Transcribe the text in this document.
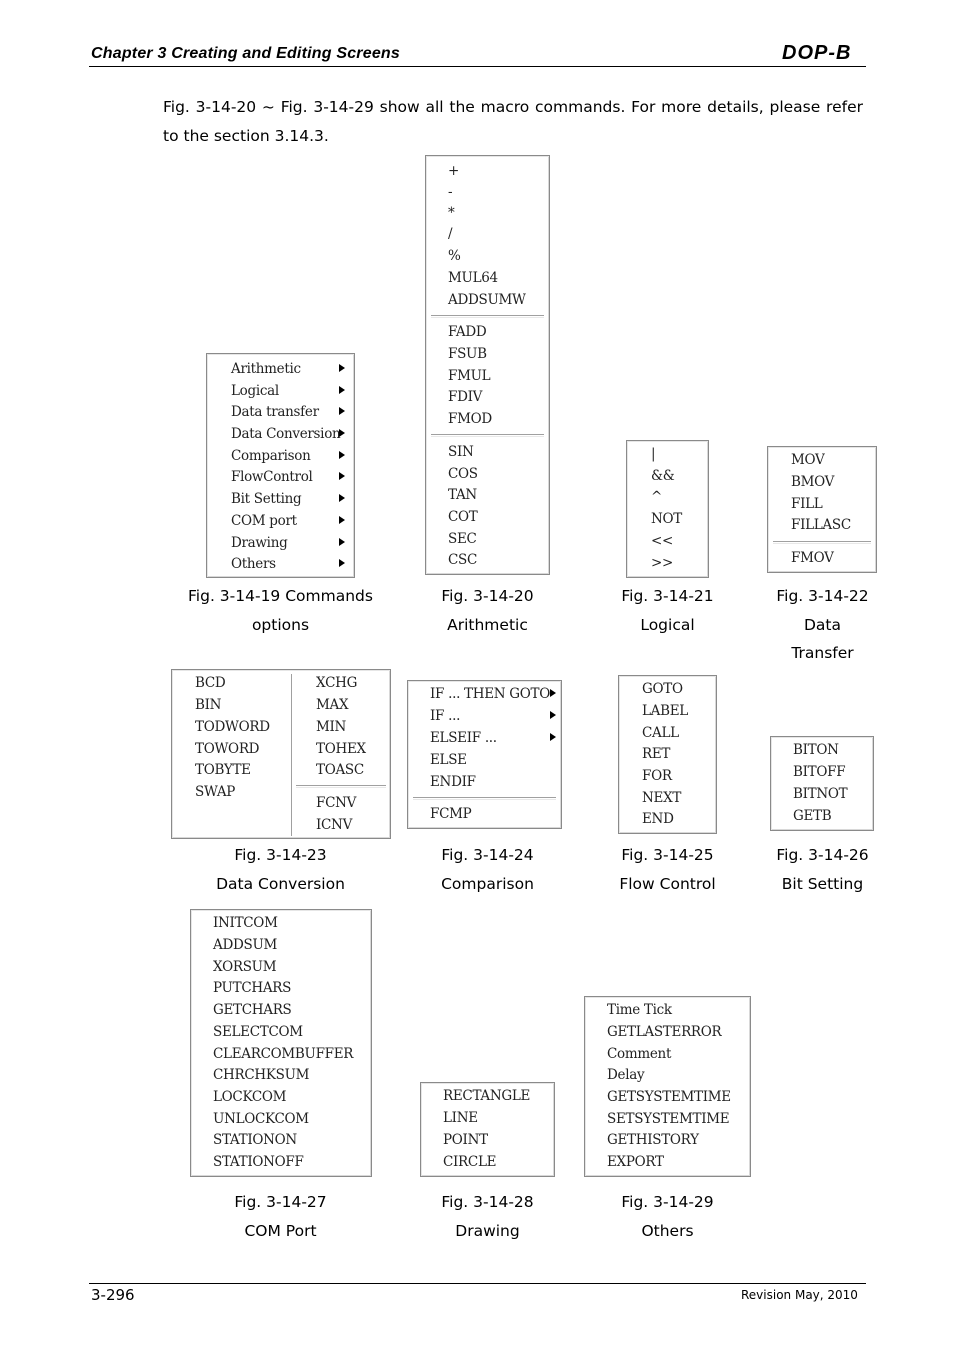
Chapter 3 Creating and Editing Screens	DOP-B
Fig. 3-14-20 ~ Fig. 3-14-29 show all the macro commands. For more details, please refer to the section 3.14.3.
Arithmetic
Logical
Data transfer
Data Conversion
Comparison
FlowControl
Bit Setting
COM port
Drawing
Others
Fig. 3-14-19 Commands
options
+
-
*
/
%
MUL64
ADDSUMW
FADD
FSUB
FMUL
FDIV
FMOD
SIN
COS
TAN
COT
SEC
CSC
Fig. 3-14-20
Arithmetic
|
&&
^
NOT
<<
>>
Fig. 3-14-21
Logical
MOV
BMOV
FILL
FILLASC
FMOV
Fig. 3-14-22
Data
Transfer
BCD
BIN
TODWORD
TOWORD
TOBYTE
SWAP
XCHG
MAX
MIN
TOHEX
TOASC
FCNV
ICNV
Fig. 3-14-23
Data Conversion
IF ... THEN GOTO
IF ...
ELSEIF ...
ELSE
ENDIF
FCMP
Fig. 3-14-24
Comparison
GOTO
LABEL
CALL
RET
FOR
NEXT
END
Fig. 3-14-25
Flow Control
BITON
BITOFF
BITNOT
GETB
Fig. 3-14-26
Bit Setting
INITCOM
ADDSUM
XORSUM
PUTCHARS
GETCHARS
SELECTCOM
CLEARCOMBUFFER
CHRCHKSUM
LOCKCOM
UNLOCKCOM
STATIONON
STATIONOFF
Fig. 3-14-27
COM Port
RECTANGLE
LINE
POINT
CIRCLE
Fig. 3-14-28
Drawing
Time Tick
GETLASTERROR
Comment
Delay
GETSYSTEMTIME
SETSYSTEMTIME
GETHISTORY
EXPORT
Fig. 3-14-29
Others
3-296	Revision May, 2010
